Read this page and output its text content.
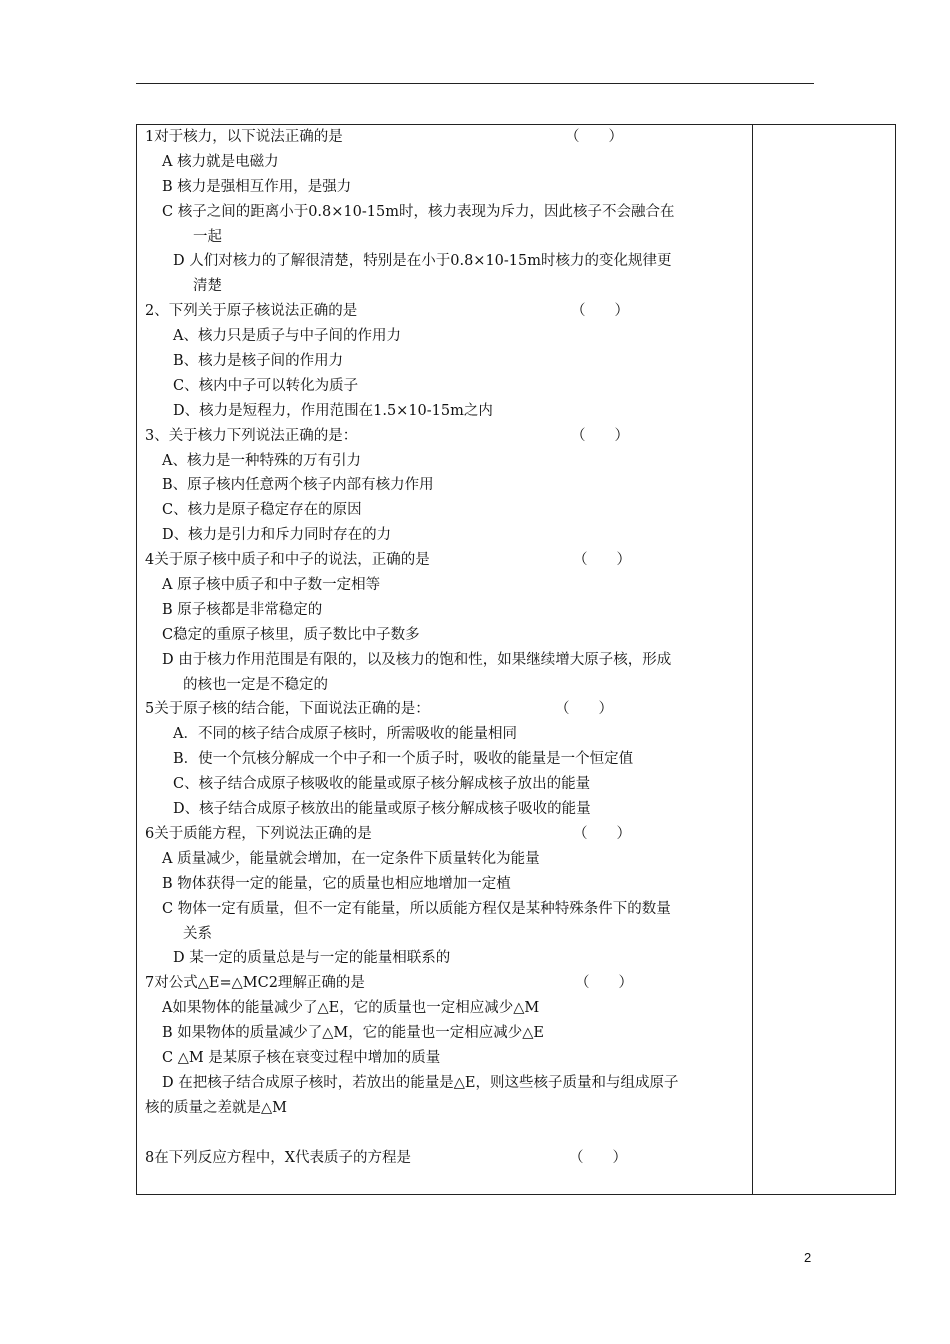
1对于核力，以下说法正确的是	（　　）
A 核力就是电磁力
B 核力是强相互作用，是强力
C 核子之间的距离小于0.8×10-15m时，核力表现为斥力，因此核子不会融合在
一起
D 人们对核力的了解很清楚，特别是在小于0.8×10-15m时核力的变化规律更
清楚
2、下列关于原子核说法正确的是	（　　）
A、核力只是质子与中子间的作用力
B、核力是核子间的作用力
C、核内中子可以转化为质子
D、核力是短程力，作用范围在1.5×10-15m之内
3、关于核力下列说法正确的是：	（　　）
A、核力是一种特殊的万有引力
B、原子核内任意两个核子内部有核力作用
C、核力是原子稳定存在的原因
D、核力是引力和斥力同时存在的力
4关于原子核中质子和中子的说法，正确的是	（　　）
A 原子核中质子和中子数一定相等
B 原子核都是非常稳定的
C稳定的重原子核里，质子数比中子数多
D 由于核力作用范围是有限的，以及核力的饱和性，如果继续增大原子核，形成
的核也一定是不稳定的
5关于原子核的结合能，下面说法正确的是：	（　　）
A．不同的核子结合成原子核时，所需吸收的能量相同
B．使一个氘核分解成一个中子和一个质子时，吸收的能量是一个恒定值
C、核子结合成原子核吸收的能量或原子核分解成核子放出的能量
D、核子结合成原子核放出的能量或原子核分解成核子吸收的能量
6关于质能方程，下列说法正确的是	（　　）
A 质量减少，能量就会增加，在一定条件下质量转化为能量
B 物体获得一定的能量，它的质量也相应地增加一定植
C 物体一定有质量，但不一定有能量，所以质能方程仅是某种特殊条件下的数量
关系
D 某一定的质量总是与一定的能量相联系的
7对公式△E=△MC2理解正确的是	（　　）
A如果物体的能量减少了△E，它的质量也一定相应减少△M
B 如果物体的质量减少了△M，它的能量也一定相应减少△E
C △M 是某原子核在衰变过程中增加的质量
D 在把核子结合成原子核时，若放出的能量是△E，则这些核子质量和与组成原子
核的质量之差就是△M
8在下列反应方程中，X代表质子的方程是	（　　）
2
